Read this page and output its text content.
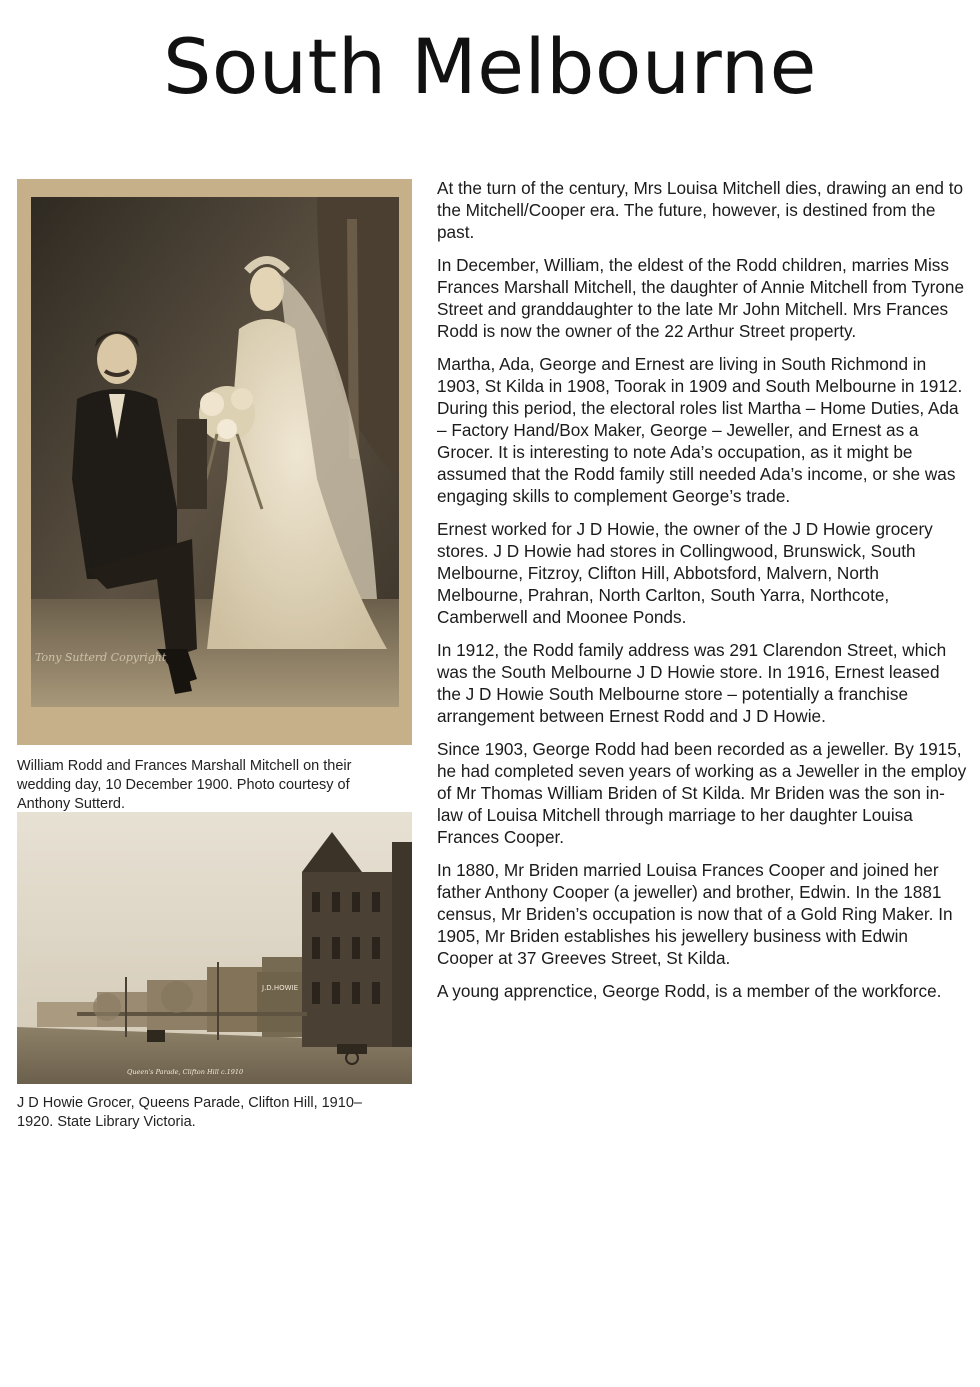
South Melbourne
Tony Sutterd Copyright
William Rodd and Frances Marshall Mitchell on their wedding day, 10 December 1900. Photo courtesy of Anthony Sutterd.
J.D.HOWIE
Queen's Parade, Clifton Hill c.1910
J D Howie Grocer, Queens Parade, Clifton Hill, 1910–1920. State Library Victoria.

At the turn of the century, Mrs Louisa Mitchell dies, drawing an end to the Mitchell/Cooper era. The future, however, is destined from the past.

In December, William, the eldest of the Rodd children, marries Miss Frances Marshall Mitchell, the daughter of Annie Mitchell from Tyrone Street and granddaughter to the late Mr John Mitchell. Mrs Frances Rodd is now the owner of the 22 Arthur Street property.

Martha, Ada, George and Ernest are living in South Richmond in 1903, St Kilda in 1908, Toorak in 1909 and South Melbourne in 1912. During this period, the electoral roles list Martha – Home Duties, Ada – Factory Hand/Box Maker, George – Jeweller, and Ernest as a Grocer. It is interesting to note Ada’s occupation, as it might be assumed that the Rodd family still needed Ada’s income, or she was engaging skills to complement George’s trade.

Ernest worked for J D Howie, the owner of the J D Howie grocery stores. J D Howie had stores in Collingwood, Brunswick, South Melbourne, Fitzroy, Clifton Hill, Abbotsford, Malvern, North Melbourne, Prahran, North Carlton, South Yarra, Northcote, Camberwell and Moonee Ponds.

In 1912, the Rodd family address was 291 Clarendon Street, which was the South Melbourne J D Howie store. In 1916, Ernest leased the J D Howie South Melbourne store – potentially a franchise arrangement between Ernest Rodd and J D Howie.

Since 1903, George Rodd had been recorded as a jeweller. By 1915, he had completed seven years of working as a Jeweller in the employ of Mr Thomas William Briden of St Kilda. Mr Briden was the son in-law of Louisa Mitchell through marriage to her daughter Louisa Frances Cooper.

In 1880, Mr Briden married Louisa Frances Cooper and joined her father Anthony Cooper (a jeweller) and brother, Edwin. In the 1881 census, Mr Briden’s occupation is now that of a Gold Ring Maker. In 1905, Mr Briden establishes his jewellery business with Edwin Cooper at 37 Greeves Street, St Kilda.

A young apprenctice, George Rodd, is a member of the workforce.
